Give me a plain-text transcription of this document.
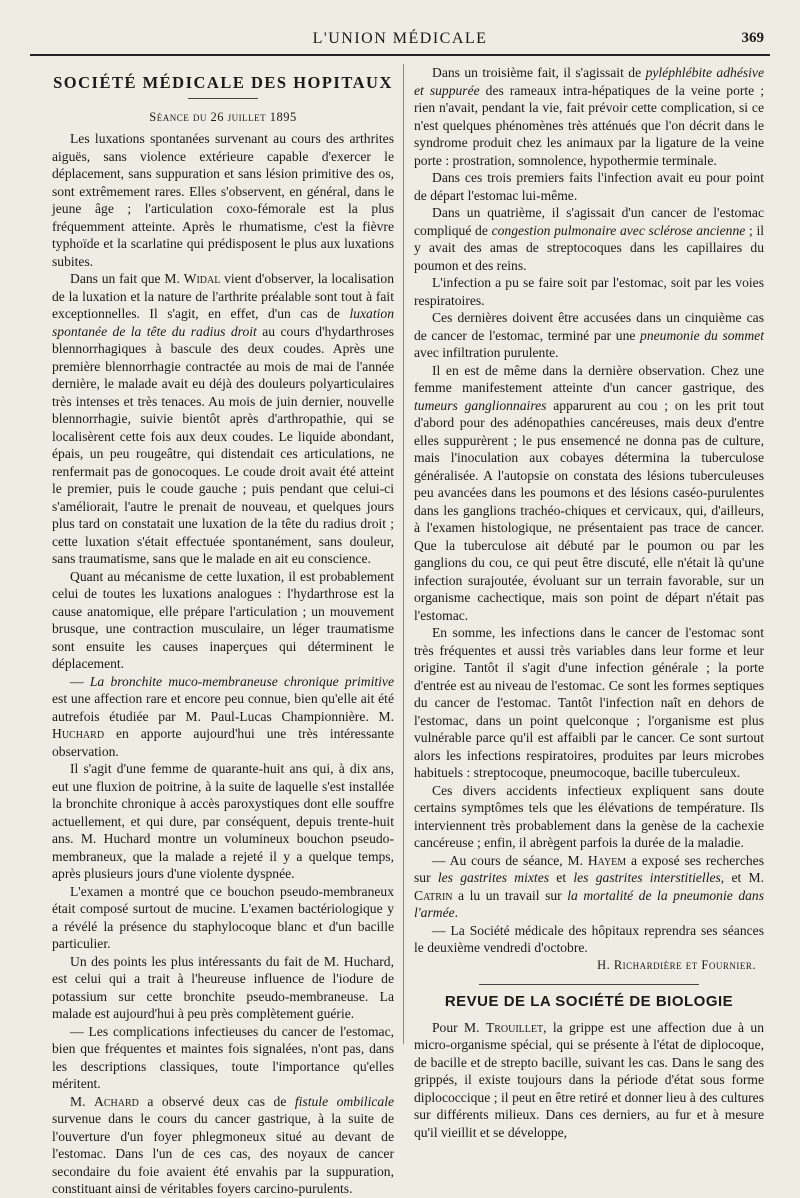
L'UNION MÉDICALE	369
SOCIÉTÉ MÉDICALE DES HOPITAUX
Séance du 26 juillet 1895

Les luxations spontanées survenant au cours des arthrites aiguës, sans violence extérieure capable d'exercer le déplacement, sans suppuration et sans lésion primitive des os, sont extrêmement rares. Elles s'observent, en général, dans le jeune âge ; l'articulation coxo-fémorale est la plus fréquemment atteinte. Après le rhumatisme, c'est la fièvre typhoïde et la scarlatine qui prédisposent le plus aux luxations subites.

Dans un fait que M. Widal vient d'observer, la localisation de la luxation et la nature de l'arthrite préalable sont tout à fait exceptionnelles. Il s'agit, en effet, d'un cas de luxation spontanée de la tête du radius droit au cours d'hydarthroses blennorrhagiques à bascule des deux coudes. Après une première blennorrhagie contractée au mois de mai de l'année dernière, le malade avait eu déjà des douleurs polyarticulaires très intenses et très tenaces. Au mois de juin dernier, nouvelle blennorrhagie, suivie bientôt après d'arthropathie, qui se localisèrent cette fois aux deux coudes. Le liquide abondant, épais, un peu rougeâtre, qui distendait ces articulations, ne renfermait pas de gonocoques. Le coude droit avait été atteint le premier, puis le coude gauche ; puis pendant que celui-ci s'améliorait, l'autre le prenait de nouveau, et quelques jours plus tard on constatait une luxation de la tête du radius droit ; cette luxation s'était effectuée spontanément, sans douleur, sans traumatisme, sans que le malade en ait eu conscience.

Quant au mécanisme de cette luxation, il est probablement celui de toutes les luxations analogues : l'hydarthrose est la cause anatomique, elle prépare l'articulation ; un mouvement brusque, une contraction musculaire, un léger traumatisme sont ensuite les causes inaperçues qui déterminent le déplacement.

— La bronchite muco-membraneuse chronique primitive est une affection rare et encore peu connue, bien qu'elle ait été autrefois étudiée par M. Paul-Lucas Championnière. M. Huchard en apporte aujourd'hui une très intéressante observation.

Il s'agit d'une femme de quarante-huit ans qui, à dix ans, eut une fluxion de poitrine, à la suite de laquelle s'est installée la bronchite chronique à accès paroxystiques dont elle souffre actuellement, et qui dure, par conséquent, depuis trente-huit ans. M. Huchard montre un volumineux bouchon pseudo-membraneux, que la malade a rejeté il y a quelque temps, après plusieurs jours d'une violente dyspnée.

L'examen a montré que ce bouchon pseudo-membraneux était composé surtout de mucine. L'examen bactériologique y a révélé la présence du staphylocoque blanc et d'un bacille particulier.

Un des points les plus intéressants du fait de M. Huchard, est celui qui a trait à l'heureuse influence de l'iodure de potassium sur cette bronchite pseudo-membraneuse. La malade est aujourd'hui à peu près complètement guérie.

— Les complications infectieuses du cancer de l'estomac, bien que fréquentes et maintes fois signalées, n'ont pas, dans les descriptions classiques, toute l'importance qu'elles méritent.

M. Achard a observé deux cas de fistule ombilicale survenue dans le cours du cancer gastrique, à la suite de l'ouverture d'un foyer phlegmoneux situé au devant de l'estomac. Dans l'un de ces cas, des noyaux de cancer secondaire du foie avaient été envahis par la suppuration, constituant ainsi de véritables foyers carcino-purulents.

Dans un troisième fait, il s'agissait de pyléphlébite adhésive et suppurée des rameaux intra-hépatiques de la veine porte ; rien n'avait, pendant la vie, fait prévoir cette complication, si ce n'est quelques phénomènes très atténués que l'on décrit dans le syndrome produit chez les animaux par la ligature de la veine porte : prostration, somnolence, hypothermie terminale.

Dans ces trois premiers faits l'infection avait eu pour point de départ l'estomac lui-même.

Dans un quatrième, il s'agissait d'un cancer de l'estomac compliqué de congestion pulmonaire avec sclérose ancienne ; il y avait des amas de streptocoques dans les capillaires du poumon et des reins.

L'infection a pu se faire soit par l'estomac, soit par les voies respiratoires.

Ces dernières doivent être accusées dans un cinquième cas de cancer de l'estomac, terminé par une pneumonie du sommet avec infiltration purulente.

Il en est de même dans la dernière observation. Chez une femme manifestement atteinte d'un cancer gastrique, des tumeurs ganglionnaires apparurent au cou ; on les prit tout d'abord pour des adénopathies cancéreuses, mais deux d'entre elles suppurèrent ; le pus ensemencé ne donna pas de culture, mais l'inoculation aux cobayes détermina la tuberculose généralisée. A l'autopsie on constata des lésions tuberculeuses peu avancées dans les poumons et des lésions caséo-purulentes dans les ganglions trachéo-chiques et cervicaux, qui, d'ailleurs, à l'examen histologique, ne présentaient pas trace de cancer. Que la tuberculose ait débuté par le poumon ou par les ganglions du cou, ce qui peut être discuté, elle n'était là qu'une infection surajoutée, évoluant sur un terrain favorable, sur un organisme cachectique, mais son point de départ n'était pas l'estomac.

En somme, les infections dans le cancer de l'estomac sont très fréquentes et aussi très variables dans leur forme et leur origine. Tantôt il s'agit d'une infection générale ; la porte d'entrée est au niveau de l'estomac. Ce sont les formes septiques du cancer de l'estomac. Tantôt l'infection naît en dehors de l'estomac, dans un point quelconque ; l'organisme est plus vulnérable parce qu'il est affaibli par le cancer. Ce sont surtout alors les infections respiratoires, produites par leurs microbes habituels : streptocoque, pneumocoque, bacille tuberculeux.

Ces divers accidents infectieux expliquent sans doute certains symptômes tels que les élévations de température. Ils interviennent très probablement dans la genèse de la cachexie cancéreuse ; enfin, il abrègent parfois la durée de la maladie.

— Au cours de séance, M. Hayem a exposé ses recherches sur les gastrites mixtes et les gastrites interstitielles, et M. Catrin a lu un travail sur la mortalité de la pneumonie dans l'armée.

— La Société médicale des hôpitaux reprendra ses séances le deuxième vendredi d'octobre.

H. Richardière et Fournier.
REVUE DE LA SOCIÉTÉ DE BIOLOGIE

Pour M. Trouillet, la grippe est une affection due à un micro-organisme spécial, qui se présente à l'état de diplocoque, de bacille et de strepto bacille, suivant les cas. Dans le sang des grippés, il existe toujours dans la période d'état sous forme diplococcique ; il peut en être retiré et donner lieu à des cultures sur différents milieux. Dans ces derniers, au fur et à mesure qu'il vieillit et se développe,
